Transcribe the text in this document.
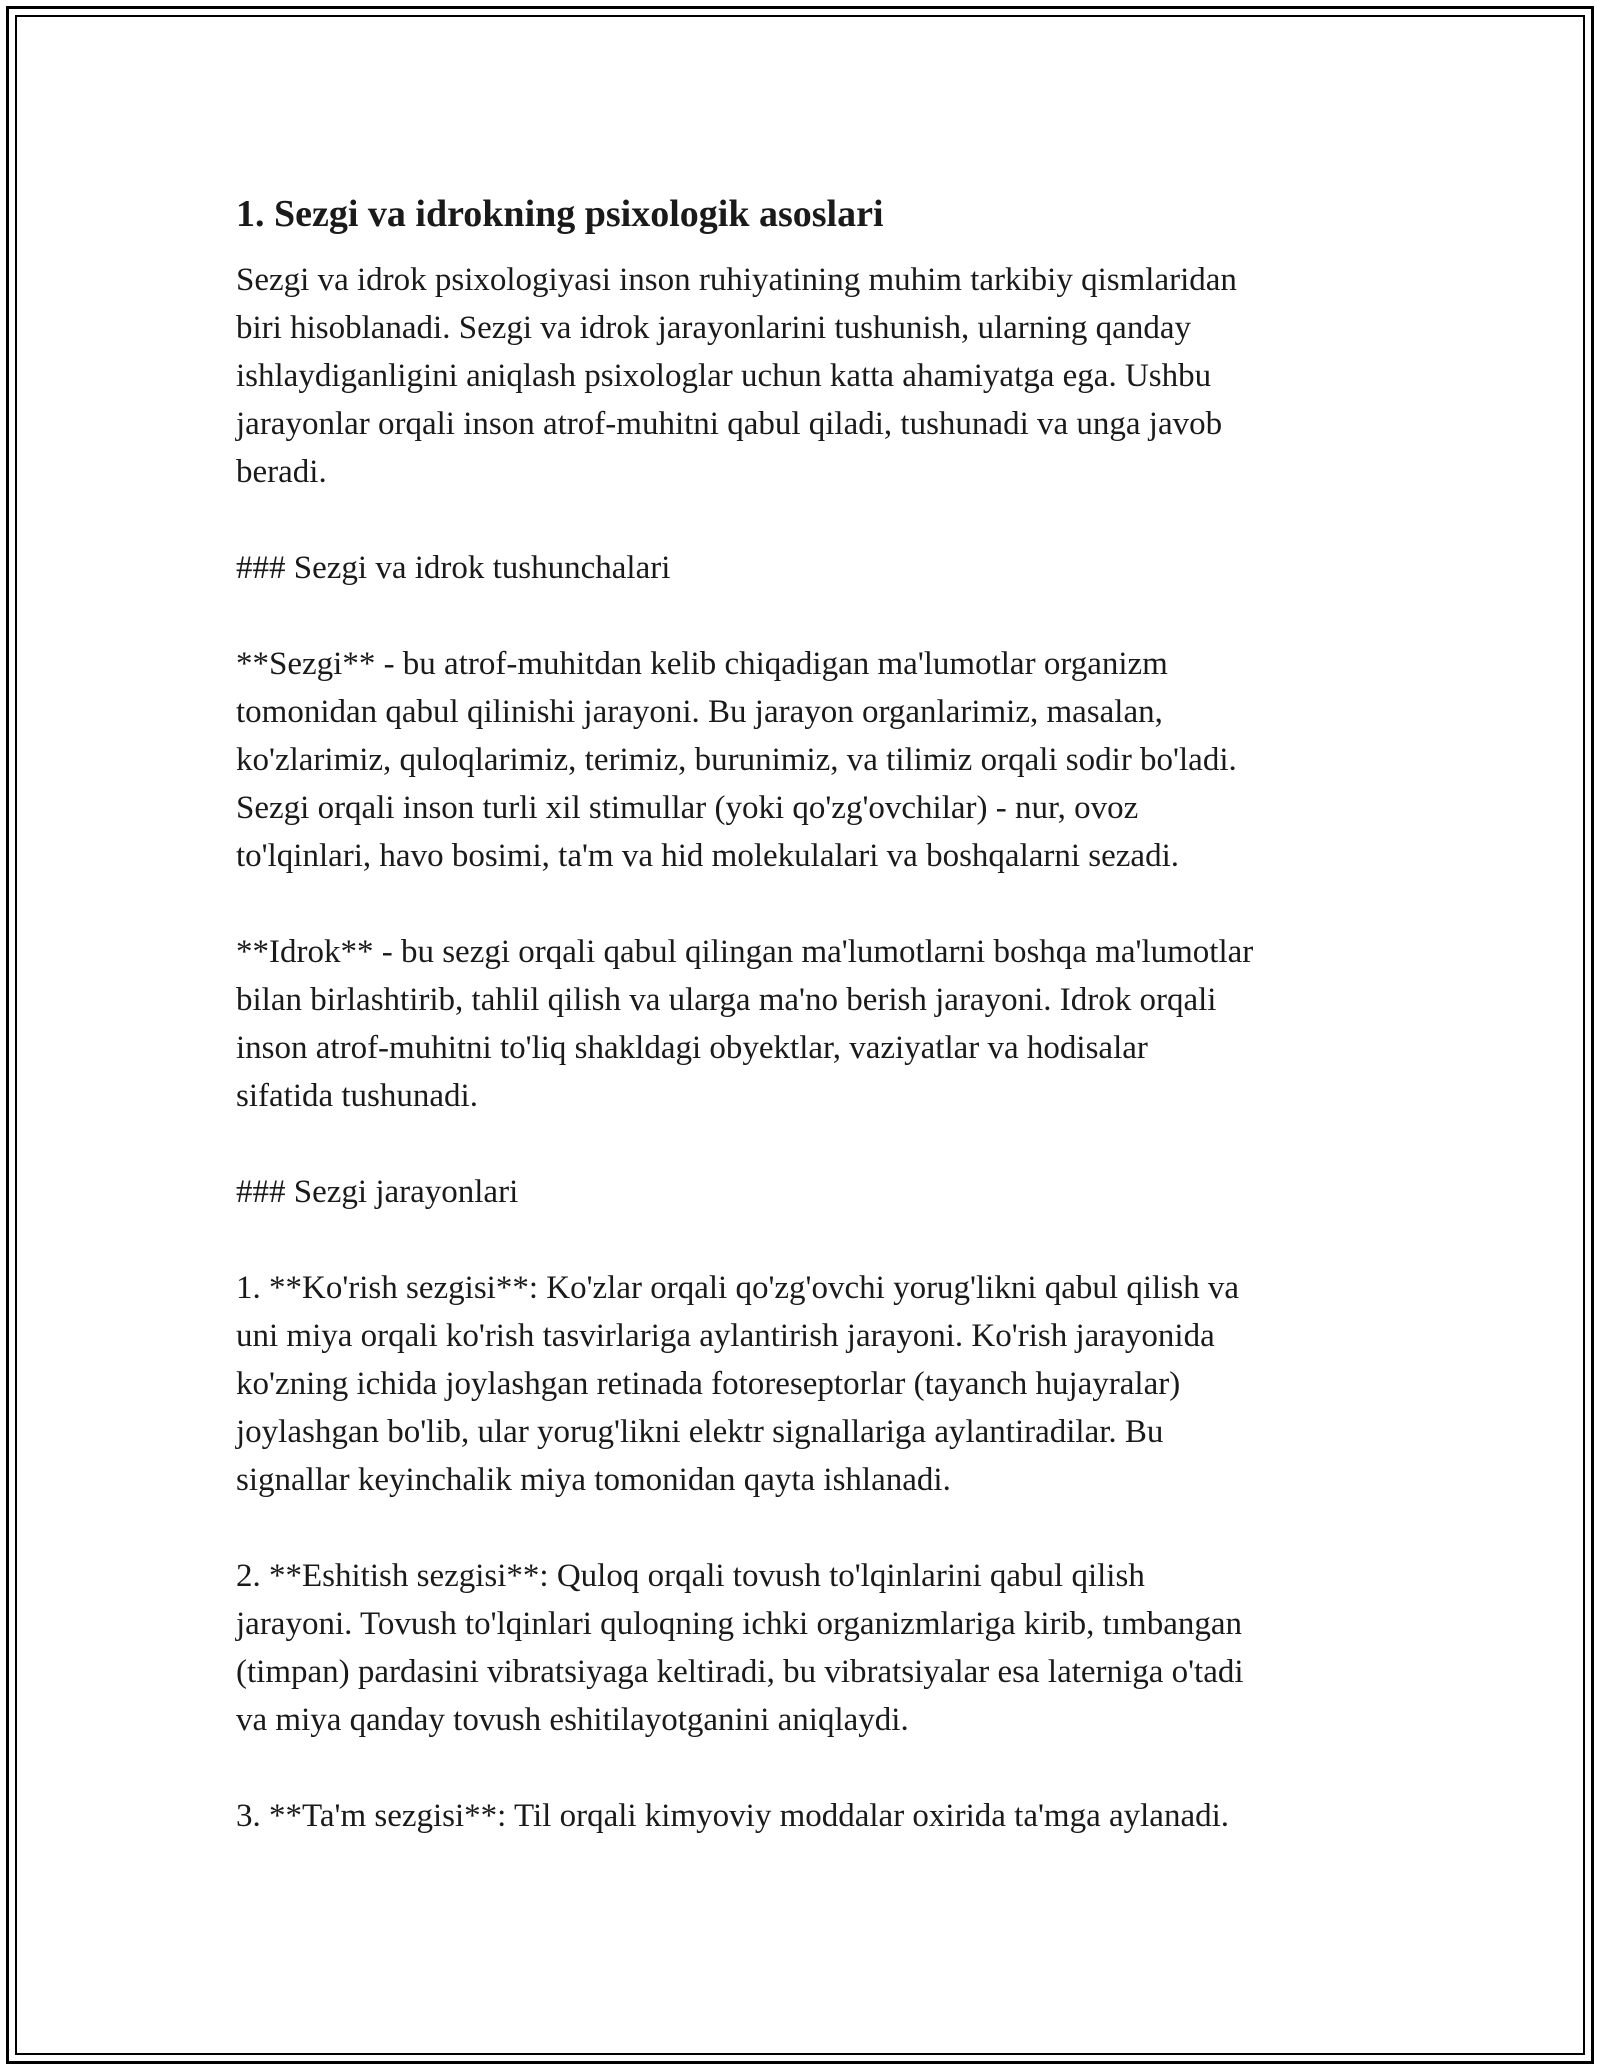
1. Sezgi va idrokning psixologik asoslari

Sezgi va idrok psixologiyasi inson ruhiyatining muhim tarkibiy qismlaridan
biri hisoblanadi. Sezgi va idrok jarayonlarini tushunish, ularning qanday
ishlaydiganligini aniqlash psixologlar uchun katta ahamiyatga ega. Ushbu
jarayonlar orqali inson atrof-muhitni qabul qiladi, tushunadi va unga javob
beradi.

### Sezgi va idrok tushunchalari

**Sezgi** - bu atrof-muhitdan kelib chiqadigan ma'lumotlar organizm
tomonidan qabul qilinishi jarayoni. Bu jarayon organlarimiz, masalan,
ko'zlarimiz, quloqlarimiz, terimiz, burunimiz, va tilimiz orqali sodir bo'ladi.
Sezgi orqali inson turli xil stimullar (yoki qo'zg'ovchilar) - nur, ovoz
to'lqinlari, havo bosimi, ta'm va hid molekulalari va boshqalarni sezadi.

**Idrok** - bu sezgi orqali qabul qilingan ma'lumotlarni boshqa ma'lumotlar
bilan birlashtirib, tahlil qilish va ularga ma'no berish jarayoni. Idrok orqali
inson atrof-muhitni to'liq shakldagi obyektlar, vaziyatlar va hodisalar
sifatida tushunadi.

### Sezgi jarayonlari

1. **Ko'rish sezgisi**: Ko'zlar orqali qo'zg'ovchi yorug'likni qabul qilish va
uni miya orqali ko'rish tasvirlariga aylantirish jarayoni. Ko'rish jarayonida
ko'zning ichida joylashgan retinada fotoreseptorlar (tayanch hujayralar)
joylashgan bo'lib, ular yorug'likni elektr signallariga aylantiradilar. Bu
signallar keyinchalik miya tomonidan qayta ishlanadi.

2. **Eshitish sezgisi**: Quloq orqali tovush to'lqinlarini qabul qilish
jarayoni. Tovush to'lqinlari quloqning ichki organizmlariga kirib, tımbangan
(timpan) pardasini vibratsiyaga keltiradi, bu vibratsiyalar esa laterniga o'tadi
va miya qanday tovush eshitilayotganini aniqlaydi.

3. **Ta'm sezgisi**: Til orqali kimyoviy moddalar oxirida ta'mga aylanadi.
